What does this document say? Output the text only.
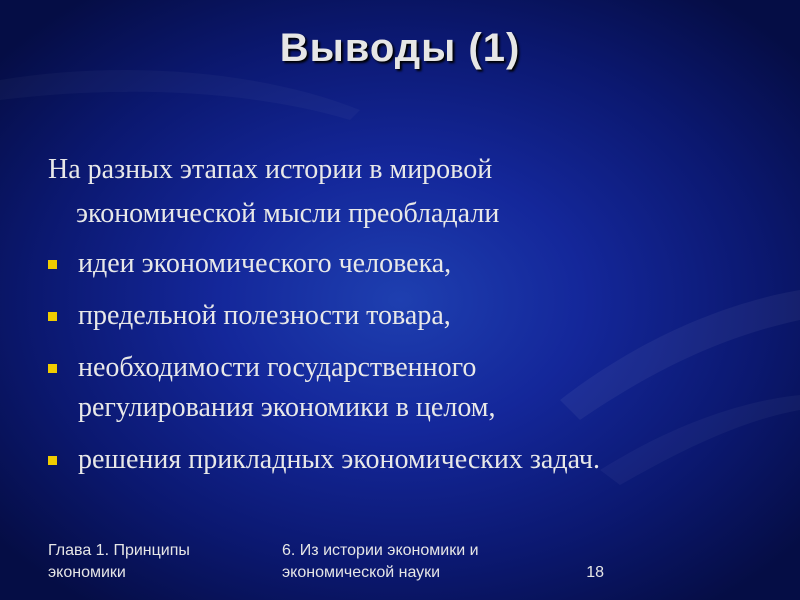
Выводы (1)
На разных этапах истории в мировой
экономической мысли преобладали
идеи экономического человека,
предельной полезности товара,
необходимости государственного
регулирования экономики в целом,
решения прикладных экономических задач.
Глава 1. Принципы
экономики
6. Из истории экономики и
экономической науки	18
